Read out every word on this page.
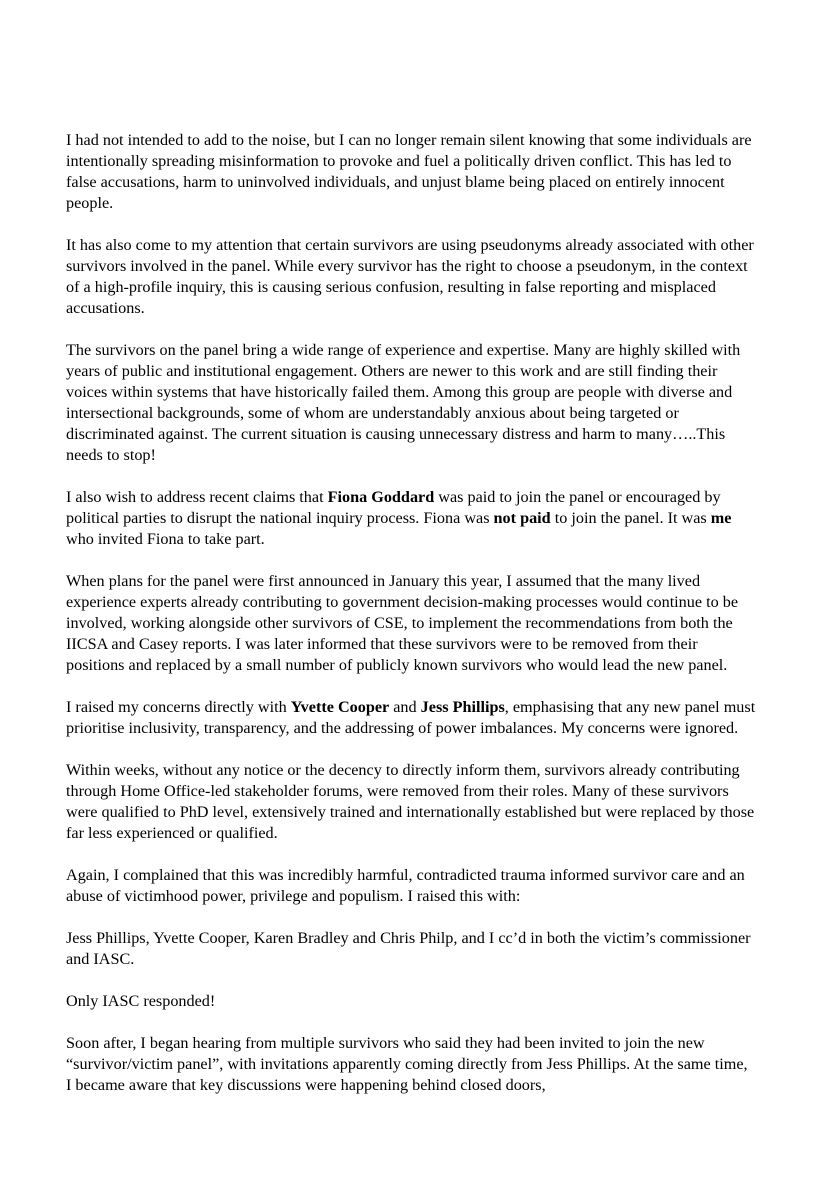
I had not intended to add to the noise, but I can no longer remain silent knowing that some individuals are intentionally spreading misinformation to provoke and fuel a politically driven conflict. This has led to false accusations, harm to uninvolved individuals, and unjust blame being placed on entirely innocent people.

It has also come to my attention that certain survivors are using pseudonyms already associated with other survivors involved in the panel. While every survivor has the right to choose a pseudonym, in the context of a high-profile inquiry, this is causing serious confusion, resulting in false reporting and misplaced accusations.

The survivors on the panel bring a wide range of experience and expertise. Many are highly skilled with years of public and institutional engagement. Others are newer to this work and are still finding their voices within systems that have historically failed them. Among this group are people with diverse and intersectional backgrounds, some of whom are understandably anxious about being targeted or discriminated against. The current situation is causing unnecessary distress and harm to many…..This needs to stop!

I also wish to address recent claims that Fiona Goddard was paid to join the panel or encouraged by political parties to disrupt the national inquiry process. Fiona was not paid to join the panel. It was me who invited Fiona to take part.

When plans for the panel were first announced in January this year, I assumed that the many lived experience experts already contributing to government decision-making processes would continue to be involved, working alongside other survivors of CSE, to implement the recommendations from both the IICSA and Casey reports. I was later informed that these survivors were to be removed from their positions and replaced by a small number of publicly known survivors who would lead the new panel.

I raised my concerns directly with Yvette Cooper and Jess Phillips, emphasising that any new panel must prioritise inclusivity, transparency, and the addressing of power imbalances. My concerns were ignored.

Within weeks, without any notice or the decency to directly inform them, survivors already contributing through Home Office-led stakeholder forums, were removed from their roles. Many of these survivors were qualified to PhD level, extensively trained and internationally established but were replaced by those far less experienced or qualified.

Again, I complained that this was incredibly harmful, contradicted trauma informed survivor care and an abuse of victimhood power, privilege and populism. I raised this with:

Jess Phillips, Yvette Cooper, Karen Bradley and Chris Philp, and I cc’d in both the victim’s commissioner and IASC.

Only IASC responded!

Soon after, I began hearing from multiple survivors who said they had been invited to join the new “survivor/victim panel”, with invitations apparently coming directly from Jess Phillips. At the same time, I became aware that key discussions were happening behind closed doors,
